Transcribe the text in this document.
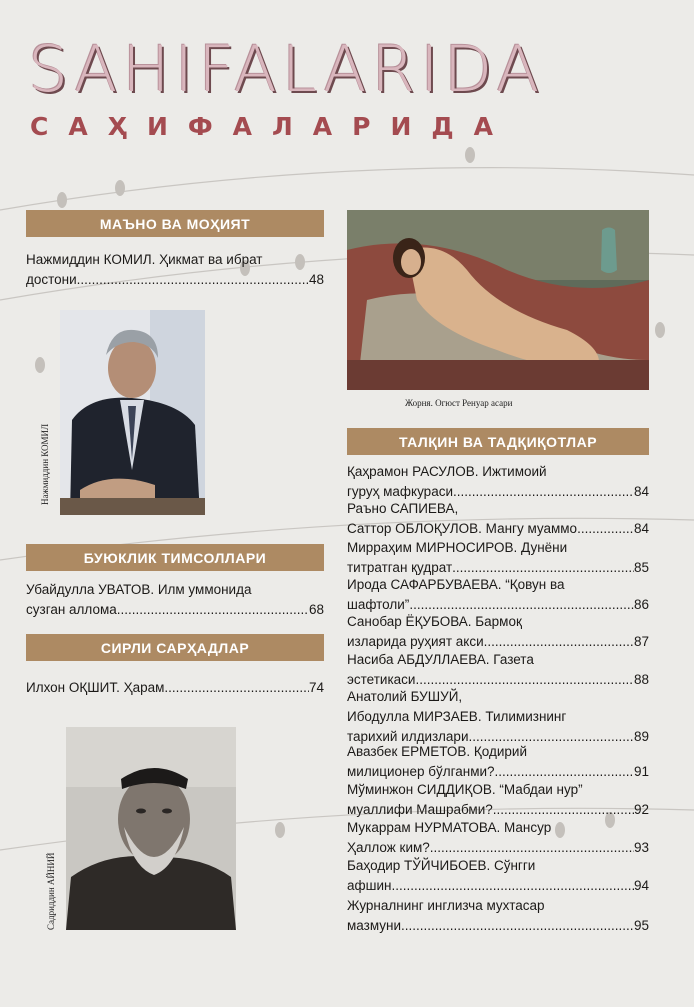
SAHIFALARIDA
САҲИФАЛАРИДА
МАЪНО ВА МОҲИЯТ
Нажмиддин КОМИЛ. Ҳикмат ва ибрат
достони .....	48
Нажмиддин КОМИЛ
БУЮКЛИК ТИМСОЛЛАРИ
Убайдулла УВАТОВ. Илм уммонида
сузган аллома .....	68
СИРЛИ САРҲАДЛАР
Илхон ОҚШИТ. Ҳарам .....	74
Садриддин АЙНИЙ
Жорня. Огюст Ренуар асари
ТАЛҚИН ВА ТАДҚИҚОТЛАР
Қаҳрамон РАСУЛОВ. Ижтимоий
гуруҳ мафкураси .....	84
Раъно САПИЕВА,
Саттор ОБЛОҚУЛОВ. Мангу муаммо .....	84
Мирраҳим МИРНОСИРОВ. Дунёни
титратган қудрат .....	85
Ирода САФАРБУВАЕВА. “Қовун ва
шафтоли” .....	86
Санобар ЁҚУБОВА. Бармоқ
изларида руҳият акси .....	87
Насиба АБДУЛЛАЕВА. Газета
эстетикаси .....	88
Анатолий БУШУЙ,
Ибодулла МИРЗАЕВ. Тилимизнинг
тарихий илдизлари .....	89
Авазбек ЕРМЕТОВ. Қодирий
милиционер бўлганми? .....	91
Мўминжон СИДДИҚОВ. “Мабдаи нур”
муаллифи Машрабми? .....	92
Мукаррам НУРМАТОВА. Мансур
Ҳаллож ким? .....	93
Баҳодир ТЎЙЧИБОЕВ. Сўнгги
афшин .....	94
Журналнинг инглизча мухтасар
мазмуни .....	95
